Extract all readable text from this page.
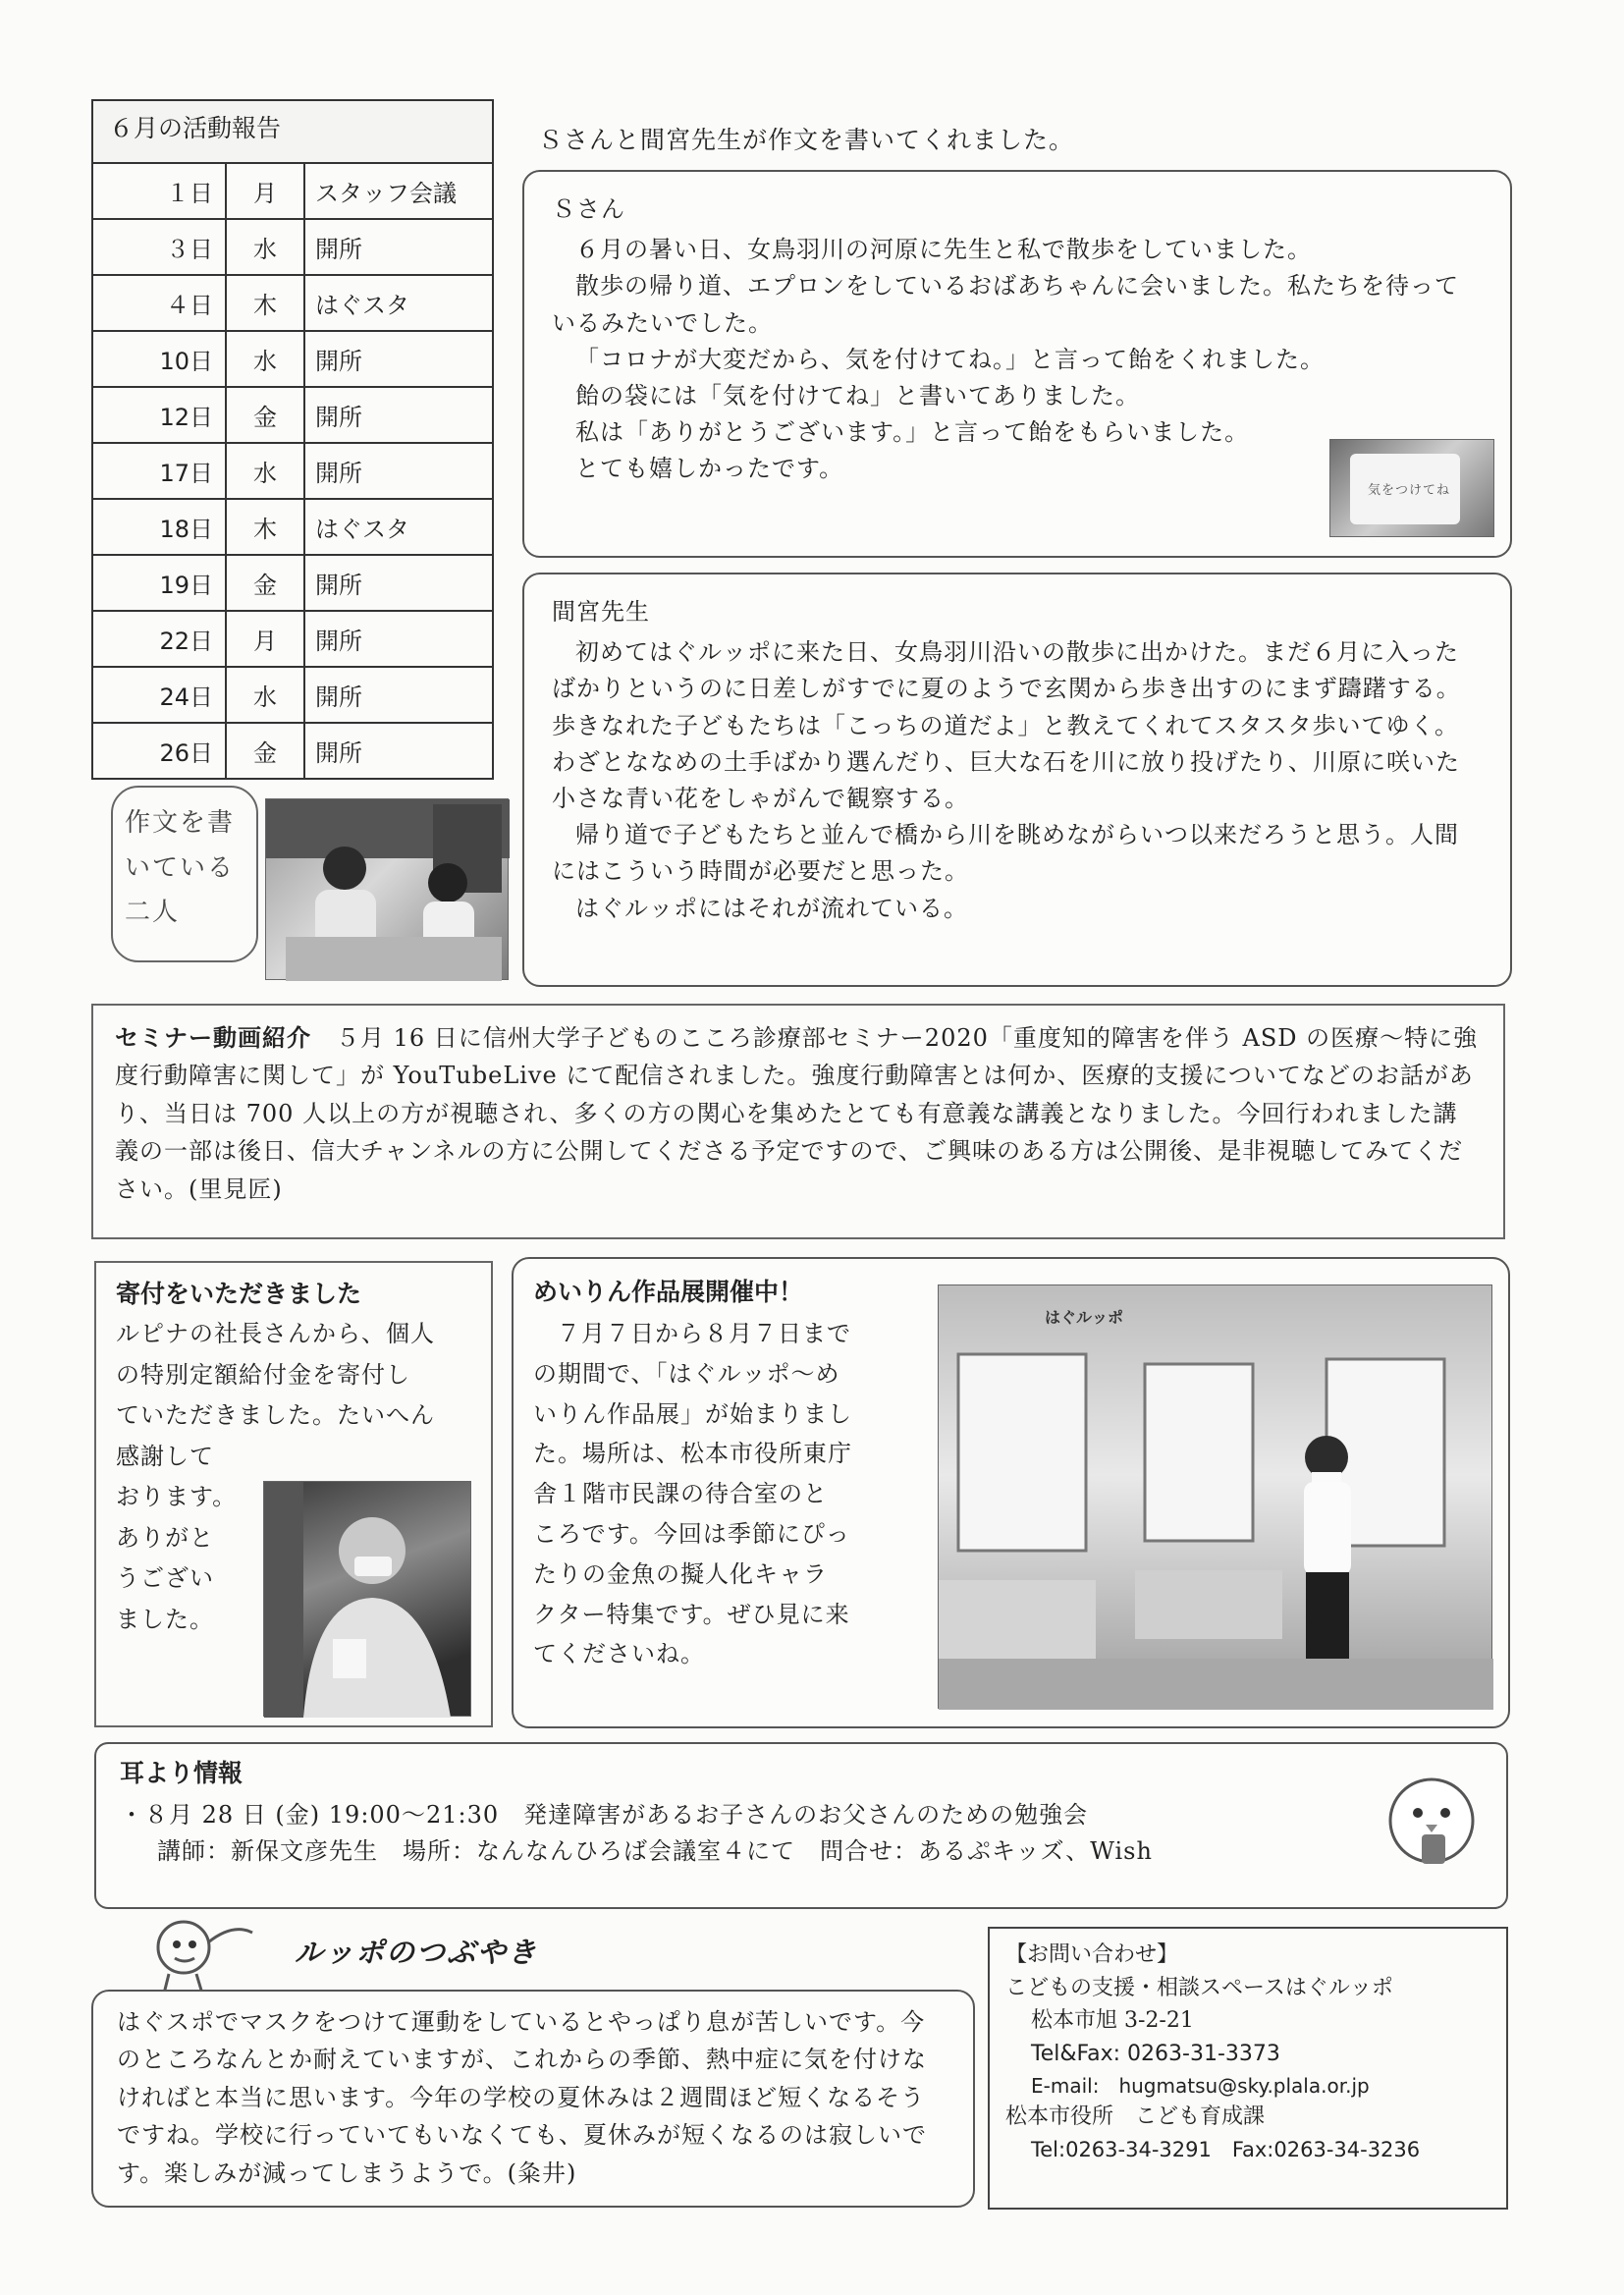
６月の活動報告
１日	月	スタッフ会議
３日	水	開所
４日	木	はぐスタ
10日	水	開所
12日	金	開所
17日	水	開所
18日	木	はぐスタ
19日	金	開所
22日	月	開所
24日	水	開所
26日	金	開所
作文を書
いている
二人
Ｓさんと間宮先生が作文を書いてくれました。
Ｓさん

６月の暑い日、女鳥羽川の河原に先生と私で散歩をしていました。

散歩の帰り道、エプロンをしているおばあちゃんに会いました。私たちを待っているみたいでした。

「コロナが大変だから、気を付けてね。」と言って飴をくれました。

飴の袋には「気を付けてね」と書いてありました。

私は「ありがとうございます。」と言って飴をもらいました。

とても嬉しかったです。

気をつけてね
間宮先生

初めてはぐルッポに来た日、女鳥羽川沿いの散歩に出かけた。まだ６月に入ったばかりというのに日差しがすでに夏のようで玄関から歩き出すのにまず躊躇する。歩きなれた子どもたちは「こっちの道だよ」と教えてくれてスタスタ歩いてゆく。わざとななめの土手ばかり選んだり、巨大な石を川に放り投げたり、川原に咲いた小さな青い花をしゃがんで観察する。

帰り道で子どもたちと並んで橋から川を眺めながらいつ以来だろうと思う。人間にはこういう時間が必要だと思った。

はぐルッポにはそれが流れている。

セミナー動画紹介　５月 16 日に信州大学子どものこころ診療部セミナー2020「重度知的障害を伴う ASD の医療〜特に強度行動障害に関して」が YouTubeLive にて配信されました。強度行動障害とは何か、医療的支援についてなどのお話があり、当日は 700 人以上の方が視聴され、多くの方の関心を集めたとても有意義な講義となりました。今回行われました講義の一部は後日、信大チャンネルの方に公開してくださる予定ですので、ご興味のある方は公開後、是非視聴してみてください。(里見匠)
寄付をいただきました
ルピナの社長さんから、個人
の特別定額給付金を寄付し
ていただきました。たいへん
感謝して
おります。
ありがと
うござい
ました。
めいりん作品展開催中！
７月７日から８月７日まで
の期間で、「はぐルッポ〜め
いりん作品展」が始まりまし
た。場所は、松本市役所東庁
舎１階市民課の待合室のと
ころです。今回は季節にぴっ
たりの金魚の擬人化キャラ
クター特集です。ぜひ見に来
てくださいね。
はぐルッポ
耳より情報
・８月 28 日 (金) 19:00〜21:30　発達障害があるお子さんのお父さんのための勉強会
講師：新保文彦先生　場所：なんなんひろば会議室４にて　問合せ：あるぷキッズ、Wish
ルッポのつぶやき
はぐスポでマスクをつけて運動をしているとやっぱり息が苦しいです。今のところなんとか耐えていますが、これからの季節、熱中症に気を付けなければと本当に思います。今年の学校の夏休みは２週間ほど短くなるそうですね。学校に行っていてもいなくても、夏休みが短くなるのは寂しいです。楽しみが減ってしまうようで。(粂井)
【お問い合わせ】
こどもの支援・相談スペースはぐルッポ
松本市旭 3-2-21
Tel&Fax: 0263-31-3373
E-mail:　hugmatsu@sky.plala.or.jp
松本市役所　こども育成課
Tel:0263-34-3291　Fax:0263-34-3236
